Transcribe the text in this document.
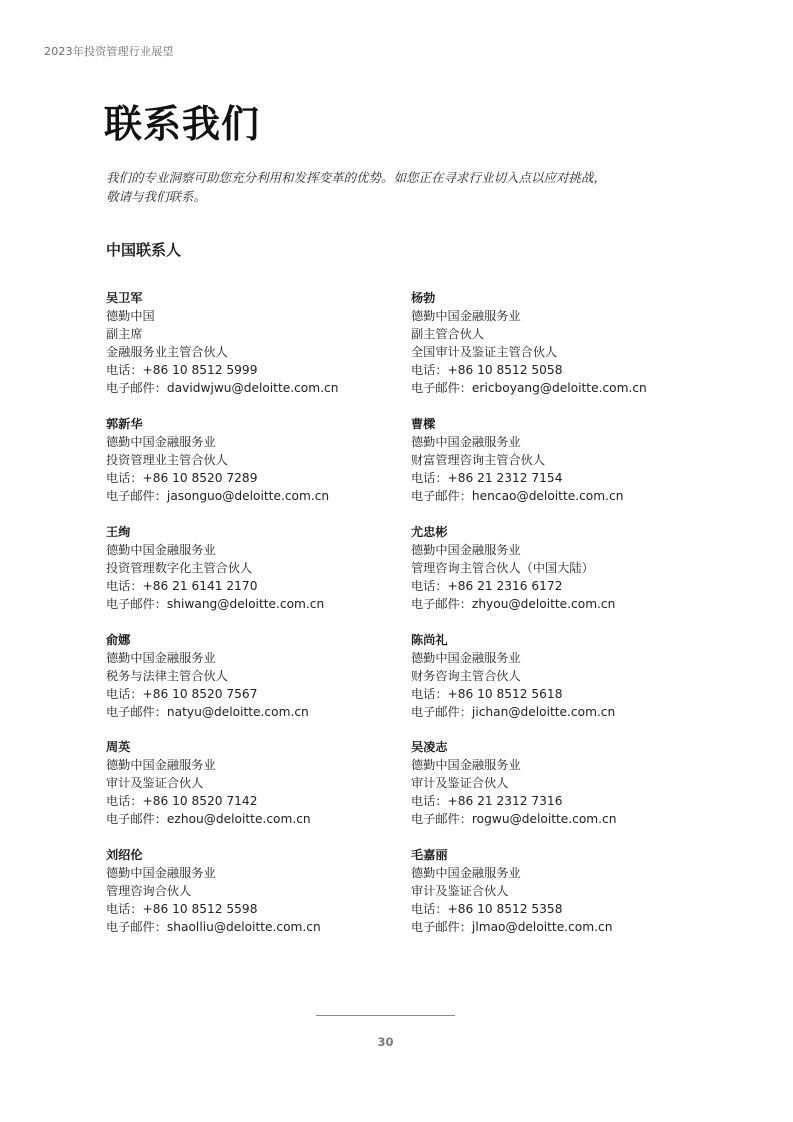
2023年投资管理行业展望
联系我们
我们的专业洞察可助您充分利用和发挥变革的优势。如您正在寻求行业切入点以应对挑战，
敬请与我们联系。
中国联系人
吴卫军
德勤中国
副主席
金融服务业主管合伙人
电话：+86 10 8512 5999
电子邮件：davidwjwu@deloitte.com.cn
杨勃
德勤中国金融服务业
副主管合伙人
全国审计及鉴证主管合伙人
电话：+86 10 8512 5058
电子邮件：ericboyang@deloitte.com.cn
郭新华
德勤中国金融服务业
投资管理业主管合伙人
电话：+86 10 8520 7289
电子邮件：jasonguo@deloitte.com.cn
曹樑
德勤中国金融服务业
财富管理咨询主管合伙人
电话：+86 21 2312 7154
电子邮件：hencao@deloitte.com.cn
王绚
德勤中国金融服务业
投资管理数字化主管合伙人
电话：+86 21 6141 2170
电子邮件：shiwang@deloitte.com.cn
尤忠彬
德勤中国金融服务业
管理咨询主管合伙人（中国大陆）
电话：+86 21 2316 6172
电子邮件：zhyou@deloitte.com.cn
俞娜
德勤中国金融服务业
税务与法律主管合伙人
电话：+86 10 8520 7567
电子邮件：natyu@deloitte.com.cn
陈尚礼
德勤中国金融服务业
财务咨询主管合伙人
电话：+86 10 8512 5618
电子邮件：jichan@deloitte.com.cn
周英
德勤中国金融服务业
审计及鉴证合伙人
电话：+86 10 8520 7142
电子邮件：ezhou@deloitte.com.cn
吴凌志
德勤中国金融服务业
审计及鉴证合伙人
电话：+86 21 2312 7316
电子邮件：rogwu@deloitte.com.cn
刘绍伦
德勤中国金融服务业
管理咨询合伙人
电话：+86 10 8512 5598
电子邮件：shaolliu@deloitte.com.cn
毛嘉丽
德勤中国金融服务业
审计及鉴证合伙人
电话：+86 10 8512 5358
电子邮件：jlmao@deloitte.com.cn
30
